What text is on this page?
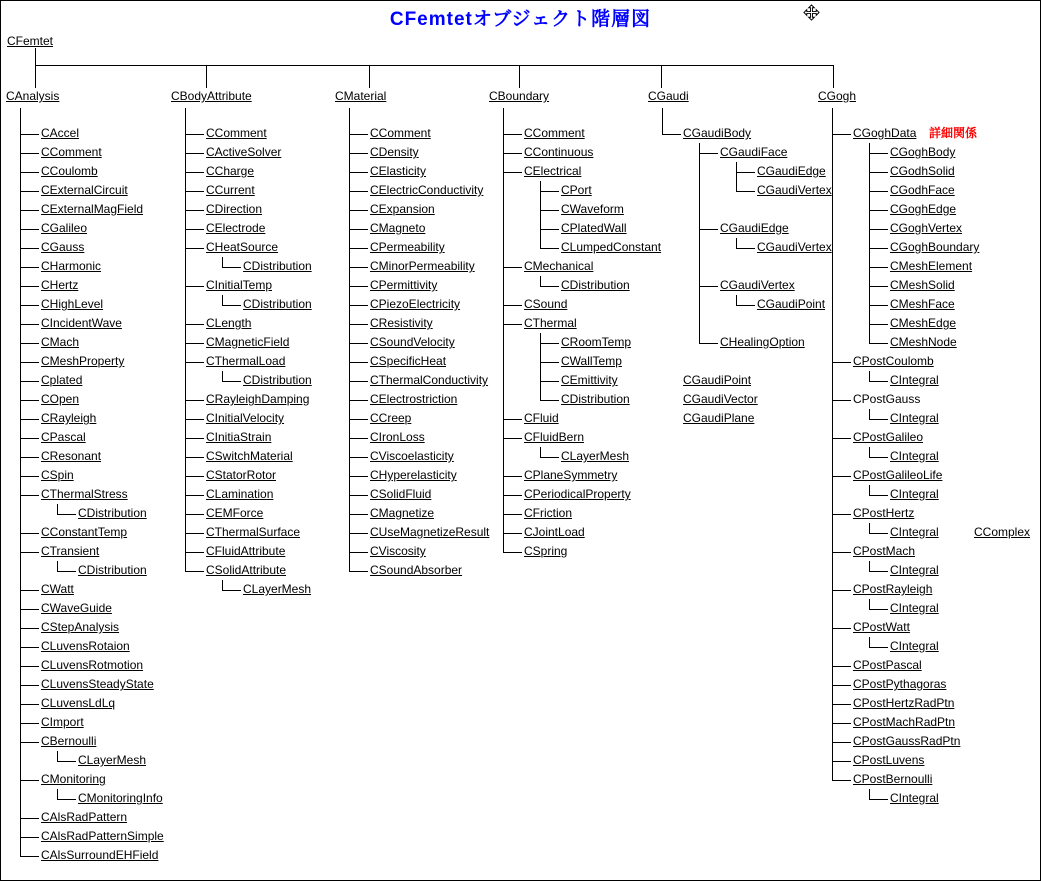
CFemtetオブジェクト階層図
CFemtet
CAnalysis
CAccel
CComment
CCoulomb
CExternalCircuit
CExternalMagField
CGalileo
CGauss
CHarmonic
CHertz
CHighLevel
CIncidentWave
CMach
CMeshProperty
Cplated
COpen
CRayleigh
CPascal
CResonant
CSpin
CThermalStress
CDistribution
CConstantTemp
CTransient
CDistribution
CWatt
CWaveGuide
CStepAnalysis
CLuvensRotaion
CLuvensRotmotion
CLuvensSteadyState
CLuvensLdLq
CImport
CBernoulli
CLayerMesh
CMonitoring
CMonitoringInfo
CAlsRadPattern
CAlsRadPatternSimple
CAlsSurroundEHField
CBodyAttribute
CComment
CActiveSolver
CCharge
CCurrent
CDirection
CElectrode
CHeatSource
CDistribution
CInitialTemp
CDistribution
CLength
CMagneticField
CThermalLoad
CDistribution
CRayleighDamping
CInitialVelocity
CInitiaStrain
CSwitchMaterial
CStatorRotor
CLamination
CEMForce
CThermalSurface
CFluidAttribute
CSolidAttribute
CLayerMesh
CMaterial
CComment
CDensity
CElasticity
CElectricConductivity
CExpansion
CMagneto
CPermeability
CMinorPermeability
CPermittivity
CPiezoElectricity
CResistivity
CSoundVelocity
CSpecificHeat
CThermalConductivity
CElectrostriction
CCreep
CIronLoss
CViscoelasticity
CHyperelasticity
CSolidFluid
CMagnetize
CUseMagnetizeResult
CViscosity
CSoundAbsorber
CBoundary
CComment
CContinuous
CElectrical
CPort
CWaveform
CPlatedWall
CLumpedConstant
CMechanical
CDistribution
CSound
CThermal
CRoomTemp
CWallTemp
CEmittivity
CDistribution
CFluid
CFluidBern
CLayerMesh
CPlaneSymmetry
CPeriodicalProperty
CFriction
CJointLoad
CSpring
CGaudi
CGaudiBody
CGaudiFace
CGaudiEdge
CGaudiVertex
CGaudiEdge
CGaudiVertex
CGaudiVertex
CGaudiPoint
CHealingOption
CGaudiPoint
CGaudiVector
CGaudiPlane
CGogh
CGoghData 詳細関係
CGoghBody
CGodhSolid
CGodhFace
CGoghEdge
CGoghVertex
CGoghBoundary
CMeshElement
CMeshSolid
CMeshFace
CMeshEdge
CMeshNode
CPostCoulomb
CIntegral
CPostGauss
CIntegral
CPostGalileo
CIntegral
CPostGalileoLife
CIntegral
CPostHertz
CIntegral	CComplex
CPostMach
CIntegral
CPostRayleigh
CIntegral
CPostWatt
CIntegral
CPostPascal
CPostPythagoras
CPostHertzRadPtn
CPostMachRadPtn
CPostGaussRadPtn
CPostLuvens
CPostBernoulli
CIntegral
